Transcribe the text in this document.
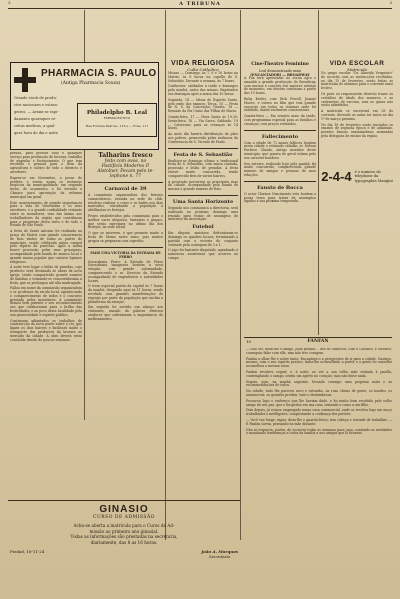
3	A TRIBUNA	3
PHARMACIA S. PAULO
(Antiga Pharmacia Souza)

Grande stock de produ-

ctos nacionaes e estran-

geiros. — Aviam-se rapi-

damente quaesquer re-

ceitas medicas, a qual-

quer hora do dia e noite

Philadelpho B. Leal
FARMACEUTICO
Rua Fortuna Pedroso, 125 e — Fone, 117

perícia, para prestar todo e qualquer serviço para producção de lavoura, trabalho de engenho e fornecimento. O que tem recebido o pessoal para o bem da agricultura e cultivo de todo o districto e arredores.

Espera-se em Novembro, a posse do prefeito e serem assim os restantes negócios da municipalidade, em segundo turno, do orçamento, e foi enviado a Câmara para aprovação da reforma municipal em geral.

Este acontecimento de grande importancia para a vida de Votorantim e os seus arredores, e a grande cordialidade reinante entre os moradores, vem dar ânimo aos trabalhadores da região que contribuem para o progresso desta terra e de todo o Estado de São Paulo.

A festa de Santo Antonio foi realisada na praça da Matriz com grande concorrencia de fieis vindos de todas as partes do municipio, sendo celebrada missa campal pelo vigario da parochia. Após a missa houve procissão pelas ruas principaes, acompanhada pela banda de musica local e grande massa popular que cantava hymnos religiosos.

À noite teve logar o leilão de prendas, cujo producto será destinado ás obras da nova igreja, tendo comparecido grande numero de familias e tornando-se concorridissima a festa, que se prolongou até alta madrugada.

Fallou em nome da commissão organizadora o sr. professor da escola local, agradecendo o comparecimento de todos e o concurso prestado pelos moradores. A commissão deixou bem patente o seu reconhecimento aos que colaboraram para o brilho das festividades, e ao povo desta localidade pela sua generosidade e espirito publico.

Continuam adiantados os trabalhos de construcção da nova ponte sobre o rio, que ligará os dois bairros e facilitará muito o transporte dos productos da lavoura ao mercado da cidade. A obra deverá estar concluída dentro de poucas semanas.

Talharins fresco
feito com ovos, no
Pastificio Moderno P.
Alstolner. Pecam pelo te-
lephone n. 77
Carnaval de 39

A commissão organizadora dos festejos carnavalescos, reunida na sede do club, resolveu realizar o corso e os bailes nos dias marcados, convidando a população a abrilhantar os festejos.

Prizes estabelecidos pela commissão para o melhor carro alegorico, fantasias e grupos, que serão entregues no ultimo dia dos festejos, na sede social.

O que se assevera, é que promete muito a festa de Momo neste anno, pois muitos grupos se preparam com capricho.

MAIS UMA VICTORIA DA ESTRADA DE FERRO

Sorocabana Ferro: A Estrada de Ferro Sorocabana inaugurou hontem a nova estação, com grande solemnidade, comparecendo o sr. Director da Estrada acompanhado de engenheiros e autoridades locaes.

O trem especial partiu da capital ás 7 horas da manhã, chegando aqui ás 11 horas, sendo recebido com grandes manifestações de regosijo por parte da população que enchia a plataforma da estação.

Em seguida foi servido um almoço aos visitantes, usando da palavra diversos oradores que salientaram a importancia do melhoramento.

VIDA RELIGIOSA
Culto Catholico

Missas — Domingo, ás 7, 8 e 10 horas na Matriz; ás 8 horas na capella de S. Sebastião. Durante a semana, ás 7 horas.

Confissões: sabbados á tarde e domingos pela manhã, antes das missas. Baptisados aos domingos após a missa das 10 horas.

Segunda, 14 — Missa do Espirito Santo, pelo exito dos exames; Terça, 15 — Festa de N. S. da Conceição; Quarta, 16 — Reunião da Pia União das Filhas de Maria.

Quinta-feira, 17 — Hora Santa ás 19,30; Sexta-feira, 18 — Via Sacra. Sabbado, 19 — Catecismo para as creanças ás 14 horas.

Ao meio dia haverá distribuição de pães aos pobres, promovida pelas senhoras da Conferencia de S. Vicente de Paulo.

Festa de S. Sebastião

Realizou-se domingo ultimo a tradicional festa de S. Sebastião, com missa cantada, procissão e leilão de prendas. A festa esteve muito concorrida, tendo comparecido fieis de varios bairros.

A procissão percorreu as principaes ruas da cidade, acompanhada pela banda de musica e grande numero de fieis.

Uma Santa Horizonte

Segundo nos communica a directoria, será realisada no proximo domingo uma reunião para tratar de assumptos de interesse da associação.

Futebol

Em disputa amistosa defrontaram-se domingo os quadros locaes, terminando a partida com a victoria do conjunto visitante pela contagem de 3 a 1.

O jogo foi bastante disputado, agradando á numerosa assistencia que acorreu ao campo.

Cine-Theatro Feminino
Leal demonstrando mais
(ENCANTADOR) — BROADWAY

A Fox terá apresentar no ecran ogra e amanhã a grande producção de Broadway, com musica e canções dos maiores artistas do momento, em sessões continuas a partir das 19 horas.

Ruby Keeler, com Dick Powell, Jeanne Moore, e outros no film que tem grande successo em todos os cinemas onde foi exhibido, dando enchentes consecutivas.

Quarta-feira — Em sessões mais da tarde, com programma especial para as familias e creanças, com preços reduzidos.

Fallecimento

Com a edade de 72 annos falleceu hontem nesta cidade o estimado cidadão, sr. Nelson Pacheco Chiado, antigo morador deste municipio, que gozava de geral estima pelo seu caracter bondoso.

Seu enterro, realizado hoje pela manhã, foi muito concorrido, comparecendo grande numero de amigos e pessoas de suas relações.

Fausto de Bocca

O actor Clarisse Nascimento veiu hontem a nossa terra para tratar de assumptos ligados a sua proxima temporada.

VIDA ESCOLAR
Matricula

No grupo escolar "Dr. Almeida Vergueiro" de accordo com as instrucções recebidas, no dia 15 de fevereiro, serão feitas as matriculas de alumnos para o corrente anno lectivo.

Os paes ou responsaveis deverão trazer as certidões de idade dos menores, e as cadernetas de vaccina, sem as quaes não serão admittidos.

A matricula se encerrará em 28 do corrente, devendo as aulas ter inicio no dia 1º de março proximo.

No dia 18 de fevereiro serão iniciados os exames de segunda época e de admissão, perante bancas examinadoras nomeadas pela delegacia de ensino da região.

2-4-4 é o numero do
telephone da
typographia Mangini
10	FANFAN

— Não sei, dizia-lhe o amigo, Julia pensou... Isto só comecou, com o Gustavo, e Gustavo, conseguiu falar com elle, mas não tive coragem.

Fanfan a olhar-lhe e sobre tanto. Encantava-o a perspectiva de ir para a cidade. Gustavo, mesmo, com o seu espirito pratico, tinha-lhe aconselhado a partir, e a gente do conselho aconselhou a mesma coisa.

Fanfan resolveu seguir; e, á noite, ao ver a sua velha mãe sentada á janella, contemplando o campo, sentiu um aperto no coração; mas não disse nada.

Seguiu, pois, na manhã seguinte, levando comsigo uma pequena mala e as recommendações de todos.

Na cidade, tudo lhe pareceu novo e estranho. As ruas cheias de gente, os bondes, os automoveis, os grandes predios, tudo o deslumbrava.

Procurou logo o endereço que lhe haviam dado, e foi muito bem recebido pelo velho amigo de seu pae, que o hospedou em sua casa, tratando-o como a um filho.

Dias depois, já estava empregado numa casa commercial, onde se revelou logo um moço trabalhador e intelligente, conquistando a confiança dos patrões.

— Você vae longe, rapaz, dizia-lhe o guarda-livros; tem cabeça e vontade de trabalhar. — E Fanfan sorria, pensando na mãe distante.

Não se esquecia, porém, de escrever todas as semanas para casa, contando as novidades e mandando lembranças a todos da familia e aos amigos que lá ficaram.

GINÁSIO
CURSO DE ADMISSÃO
Acha-se aberta a matricula para o Curso de Ad-
missão ao primeiro ano ginasial.
Todas as informações são prestadas na secretaria,
diariamente, das 8 as 16 horas.
Piedad, 16-11-24	João A. Marques
Secretario
